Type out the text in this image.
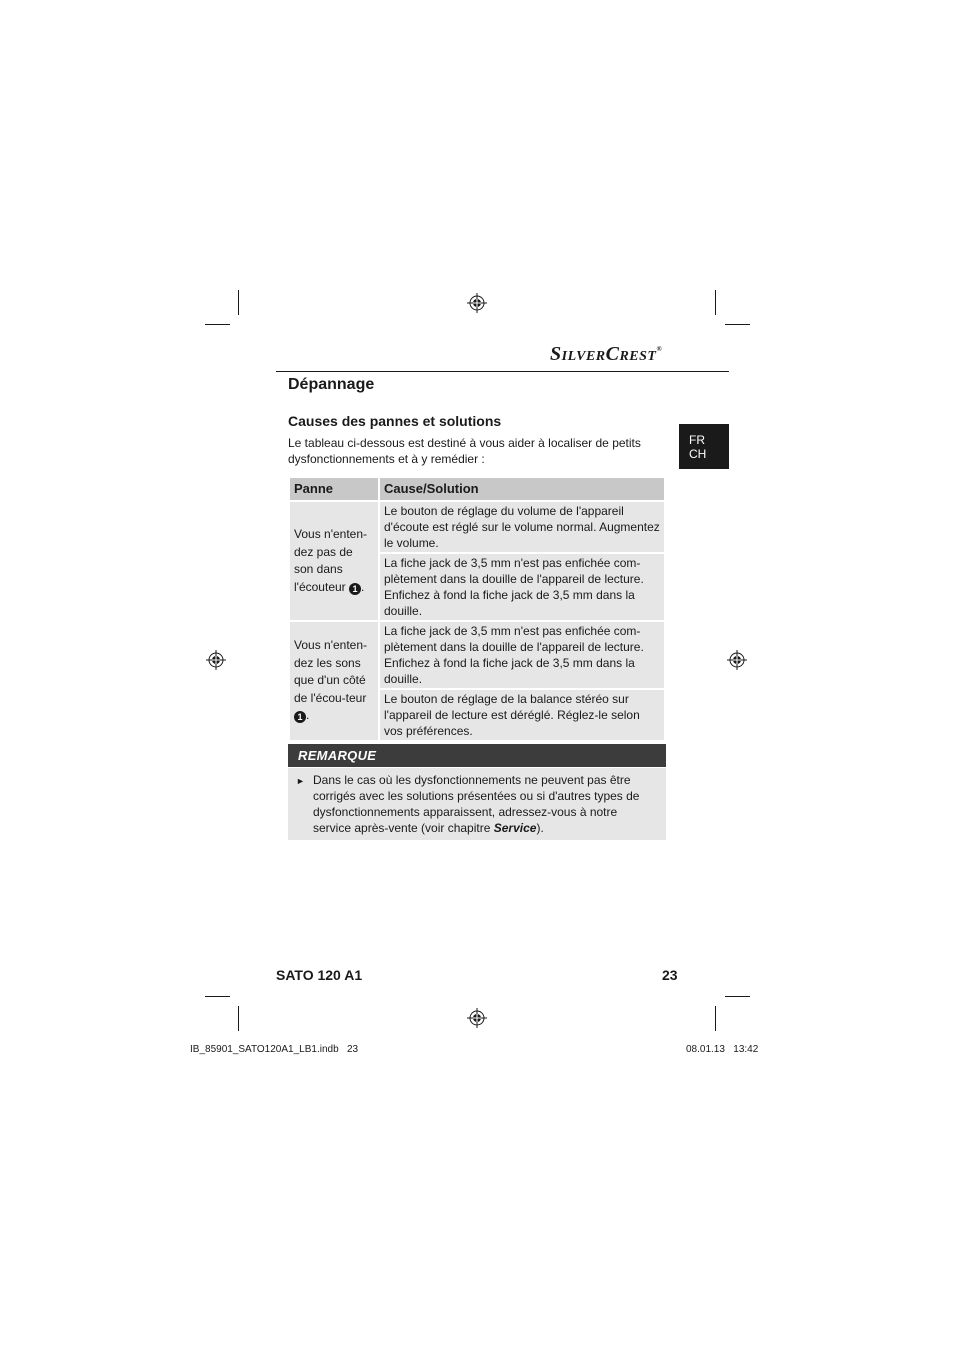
SilverCrest®
FR
CH
Dépannage
Causes des pannes et solutions
Le tableau ci-dessous est destiné à vous aider à localiser de petits dysfonctionnements et à y remédier :
Panne	Cause/Solution
Vous n'enten-dez pas de son dans l'écouteur 1 .	Le bouton de réglage du volume de l'appareil d'écoute est réglé sur le volume normal. Augmentez le volume.
	La fiche jack de 3,5 mm n'est pas enfichée com-plètement dans la douille de l'appareil de lecture. Enfichez à fond la fiche jack de 3,5 mm dans la douille.
Vous n'enten-dez les sons que d'un côté de l'écou-teur 1 .	La fiche jack de 3,5 mm n'est pas enfichée com-plètement dans la douille de l'appareil de lecture. Enfichez à fond la fiche jack de 3,5 mm dans la douille.
	Le bouton de réglage de la balance stéréo sur l'appareil de lecture est déréglé. Réglez-le selon vos préférences.
REMARQUE
► Dans le cas où les dysfonctionnements ne peuvent pas être corrigés avec les solutions présentées ou si d'autres types de dysfonctionnements apparaissent, adressez-vous à notre service après-vente (voir chapitre Service).
SATO 120 A1	23
IB_85901_SATO120A1_LB1.indb   23	08.01.13   13:42
